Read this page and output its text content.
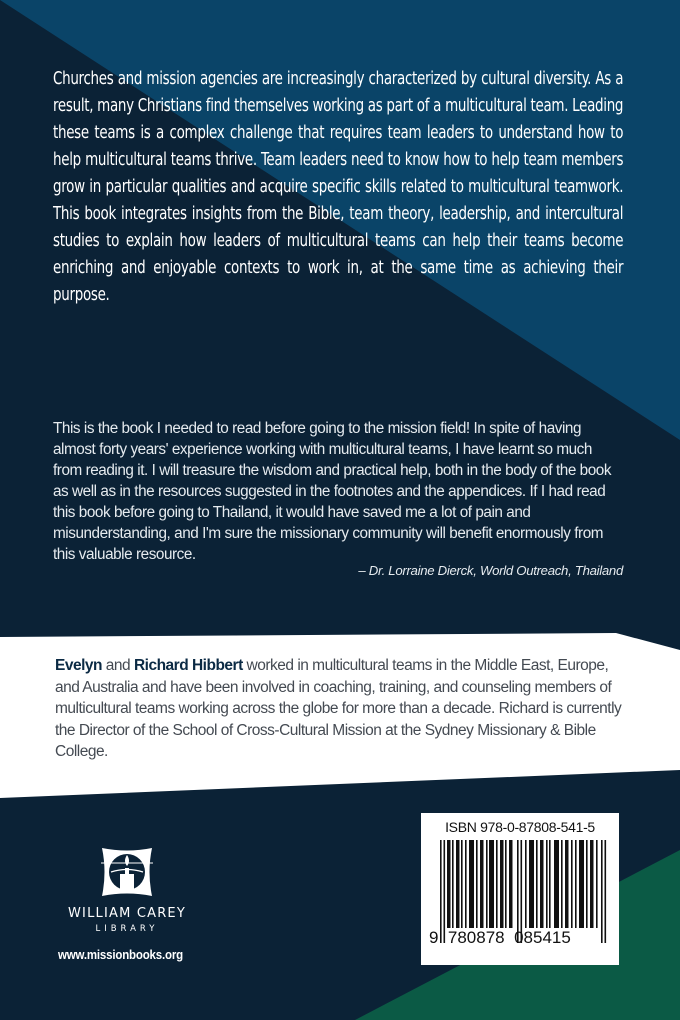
Churches and mission agencies are increasingly characterized by cultural diversity. As a result, many Christians find themselves working as part of a multicultural team. Leading these teams is a complex challenge that requires team leaders to understand how to help multicultural teams thrive. Team leaders need to know how to help team members grow in particular qualities and acquire specific skills related to multicultural teamwork. This book integrates insights from the Bible, team theory, leadership, and intercultural studies to explain how leaders of multicultural teams can help their teams become enriching and enjoyable contexts to work in, at the same time as achieving their purpose.

This is the book I needed to read before going to the mission field! In spite of having almost forty years' experience working with multicultural teams, I have learnt so much from reading it. I will treasure the wisdom and practical help, both in the body of the book as well as in the resources suggested in the footnotes and the appendices. If I had read this book before going to Thailand, it would have saved me a lot of pain and misunderstanding, and I'm sure the missionary community will benefit enormously from this valuable resource.

– Dr. Lorraine Dierck, World Outreach, Thailand

Evelyn and Richard Hibbert worked in multicultural teams in the Middle East, Europe, and Australia and have been involved in coaching, training, and counseling members of multicultural teams working across the globe for more than a decade. Richard is currently the Director of the School of Cross-Cultural Mission at the Sydney Missionary & Bible College.

WILLIAM CAREY
LIBRARY
www.missionbooks.org
ISBN 978-0-87808-541-5
9  780878  085415
